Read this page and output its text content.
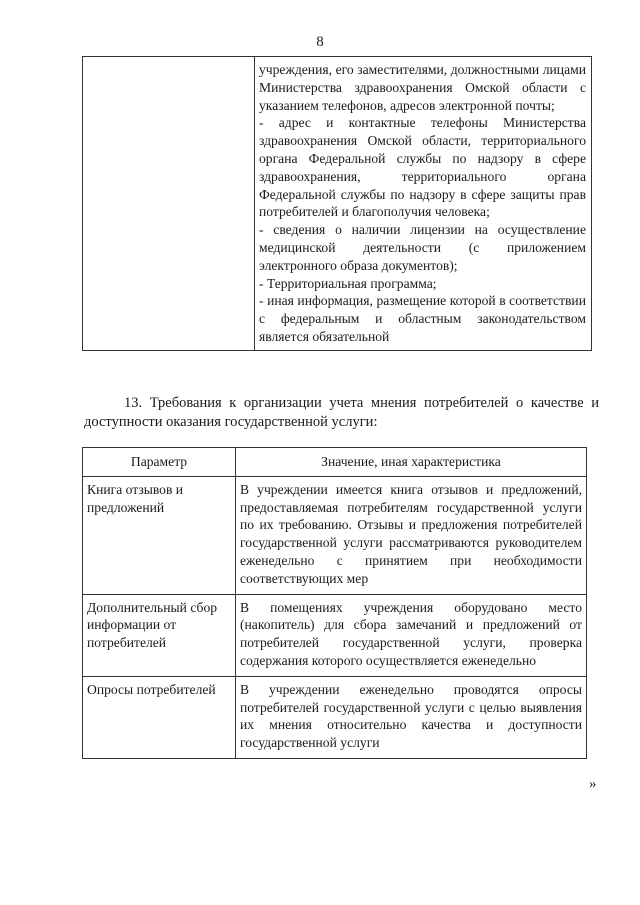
8

учреждения, его заместителями, должностными лицами Министерства здравоохранения Омской области с указанием телефонов, адресов электронной почты;
- адрес и контактные телефоны Министерства здравоохранения Омской области, территориального органа Федеральной службы по надзору в сфере здравоохранения, территориального органа Федеральной службы по надзору в сфере защиты прав потребителей и благополучия человека;
- сведения о наличии лицензии на осуществление медицинской деятельности (с приложением электронного образа документов);
- Территориальная программа;
- иная информация, размещение которой в соответствии с федеральным и областным законодательством является обязательной
13. Требования к организации учета мнения потребителей о качестве и доступности оказания государственной услуги:
Параметр	Значение, иная характеристика
Книга отзывов и предложений	В учреждении имеется книга отзывов и предложений, предоставляемая потребителям государственной услуги по их требованию. Отзывы и предложения потребителей государственной услуги рассматриваются руководителем еженедельно с принятием при необходимости соответствующих мер
Дополнительный сбор информации от потребителей	В помещениях учреждения оборудовано место (накопитель) для сбора замечаний и предложений от потребителей государственной услуги, проверка содержания которого осуществляется еженедельно
Опросы потребителей	В учреждении еженедельно проводятся опросы потребителей государственной услуги с целью выявления их мнения относительно качества и доступности государственной услуги
»
